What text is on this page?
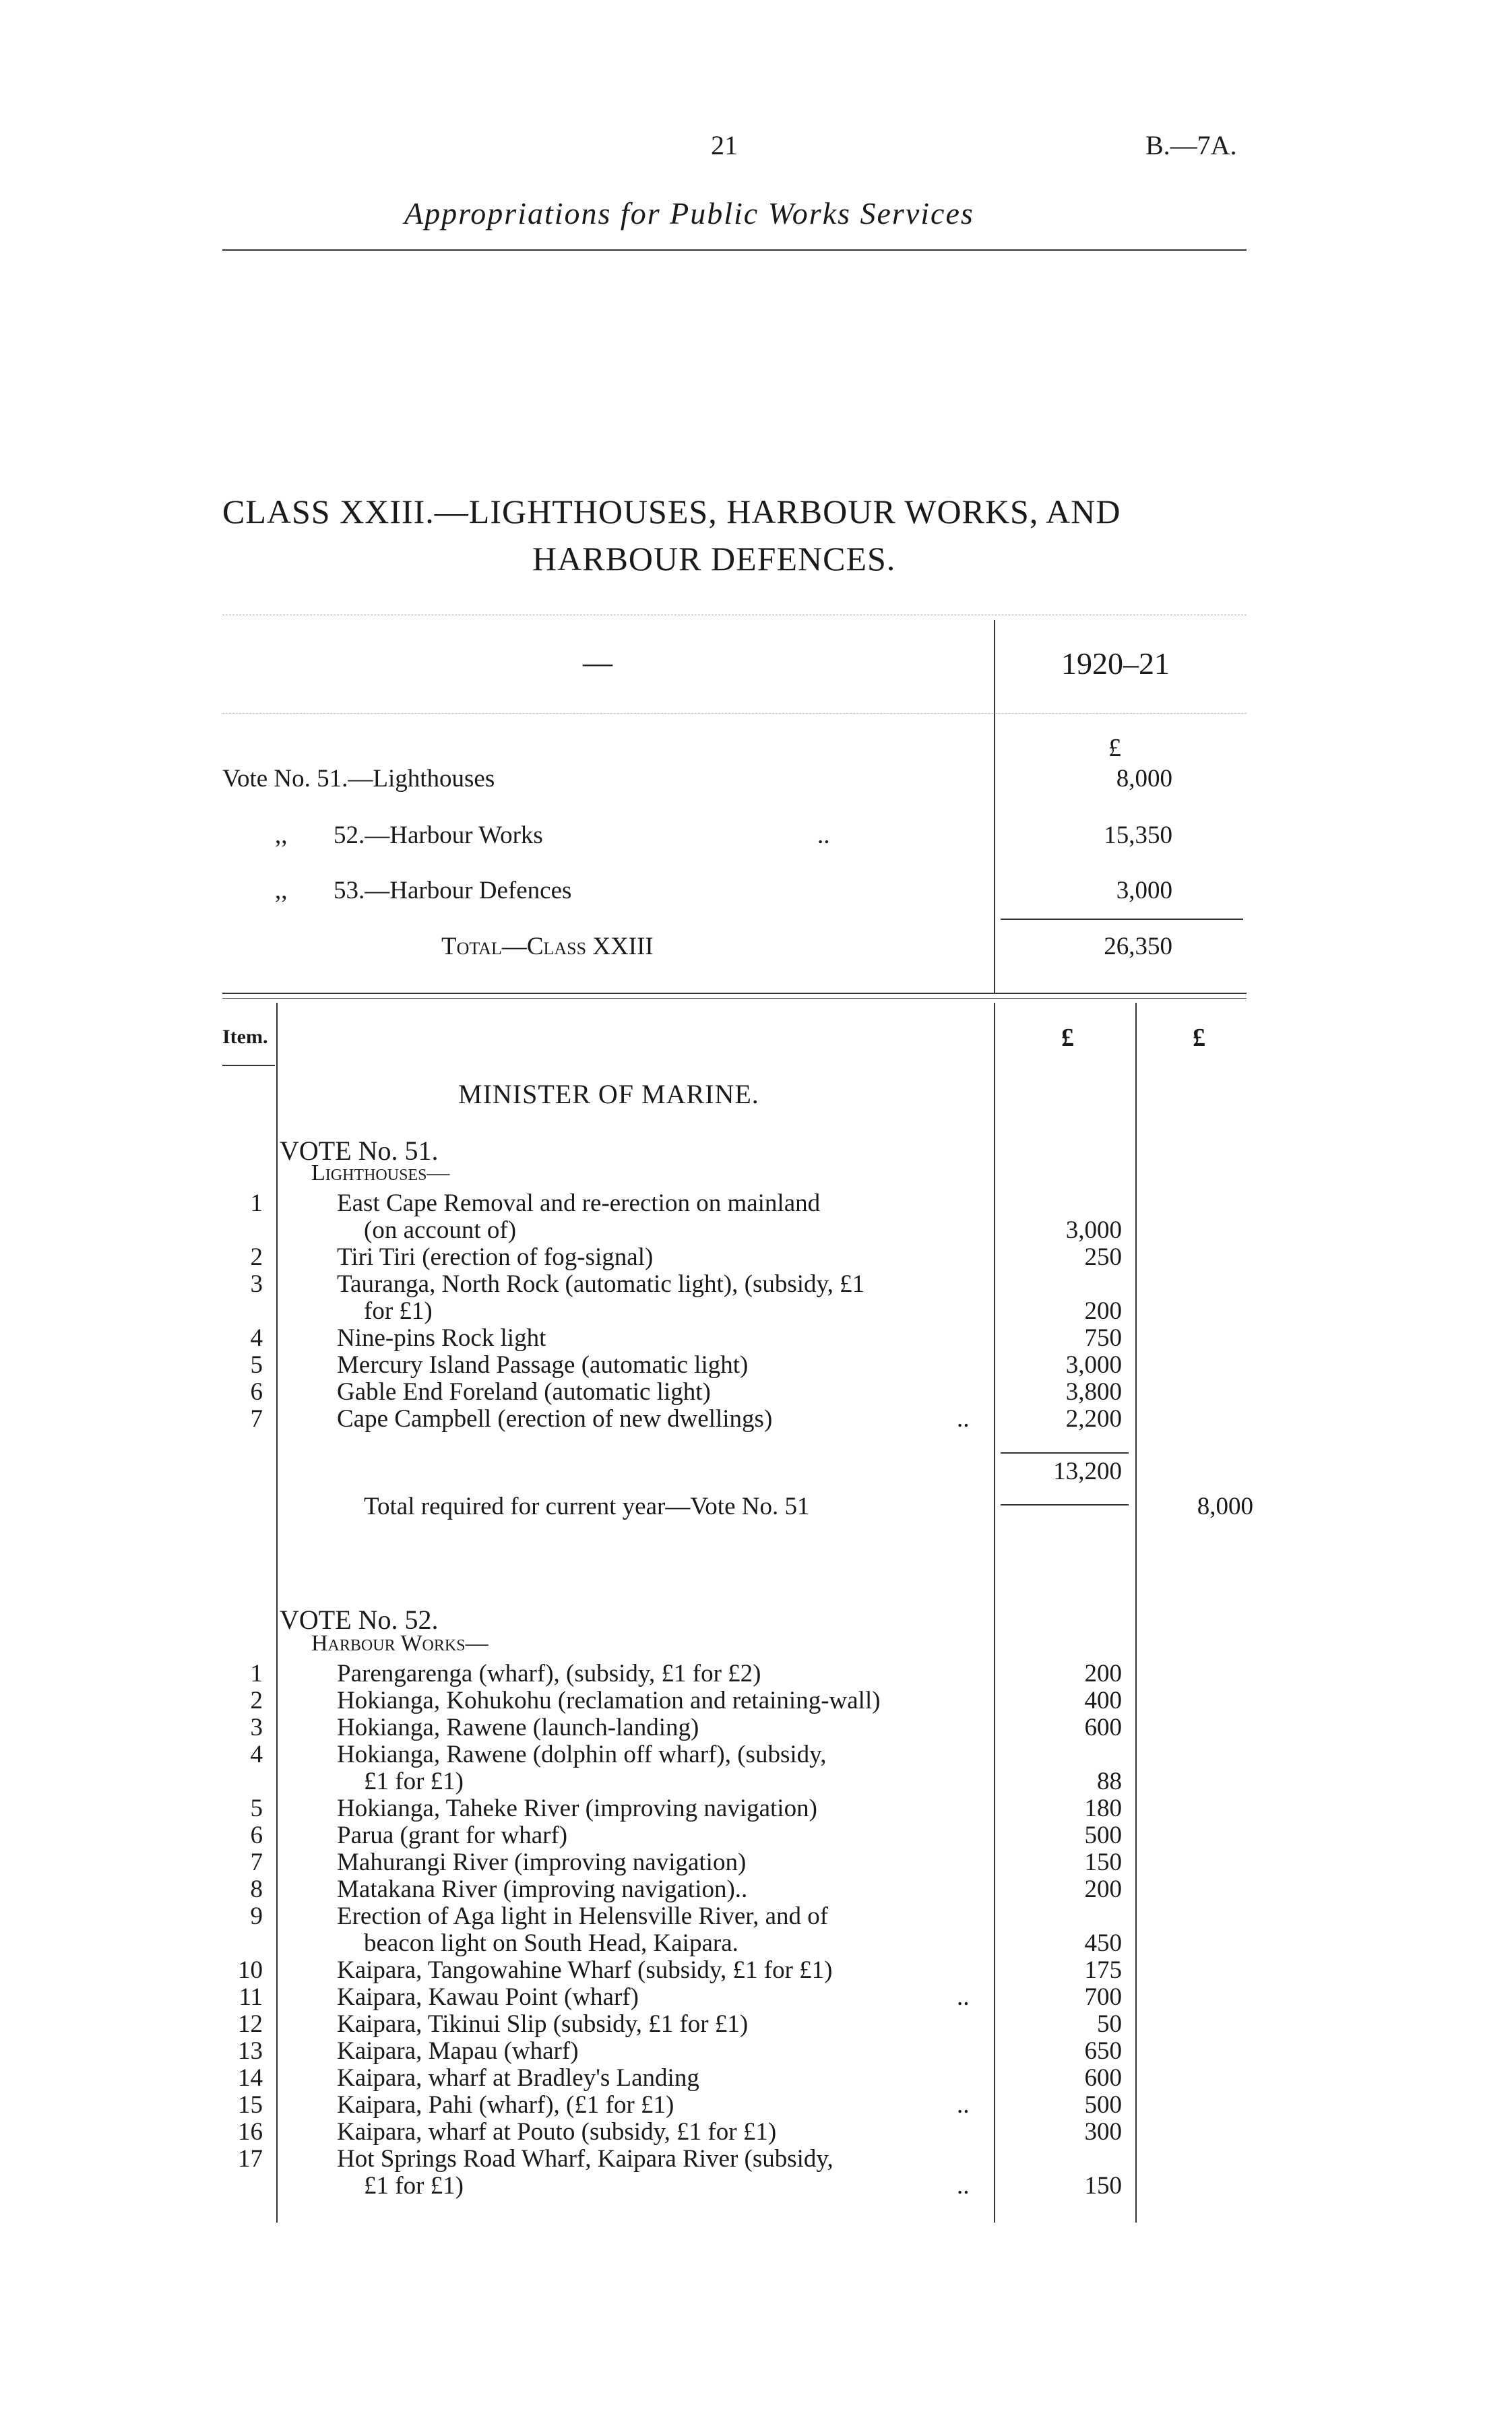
21	B.—7A.
Appropriations for Public Works Services
CLASS XXIII.—LIGHTHOUSES, HARBOUR WORKS, AND
HARBOUR DEFENCES.
—	1920–21
£
Vote No. 51.—Lighthouses	8,000
,, 52.—Harbour Works	..	15,350
,, 53.—Harbour Defences	3,000
Total—Class XXIII	26,350
Item.	£	£
MINISTER OF MARINE.
VOTE No. 51.
Lighthouses—
1	East Cape Removal and re-erection on mainland
(on account of)	3,000
2	Tiri Tiri (erection of fog-signal)	250
3	Tauranga, North Rock (automatic light), (subsidy, £1
for £1)	200
4	Nine-pins Rock light	750
5	Mercury Island Passage (automatic light)	3,000
6	Gable End Foreland (automatic light)	3,800
7	Cape Campbell (erection of new dwellings)	..	2,200
13,200
Total required for current year—Vote No. 51	8,000
VOTE No. 52.
Harbour Works—
1	Parengarenga (wharf), (subsidy, £1 for £2)	200
2	Hokianga, Kohukohu (reclamation and retaining-wall)	400
3	Hokianga, Rawene (launch-landing)	600
4	Hokianga, Rawene (dolphin off wharf), (subsidy,
£1 for £1)	88
5	Hokianga, Taheke River (improving navigation)	180
6	Parua (grant for wharf)	500
7	Mahurangi River (improving navigation)	150
8	Matakana River (improving navigation)..	200
9	Erection of Aga light in Helensville River, and of
beacon light on South Head, Kaipara.	450
10	Kaipara, Tangowahine Wharf (subsidy, £1 for £1)	175
11	Kaipara, Kawau Point (wharf)	..	700
12	Kaipara, Tikinui Slip (subsidy, £1 for £1)	50
13	Kaipara, Mapau (wharf)	650
14	Kaipara, wharf at Bradley's Landing	600
15	Kaipara, Pahi (wharf), (£1 for £1)	..	500
16	Kaipara, wharf at Pouto (subsidy, £1 for £1)	300
17	Hot Springs Road Wharf, Kaipara River (subsidy,
£1 for £1)	..	150
